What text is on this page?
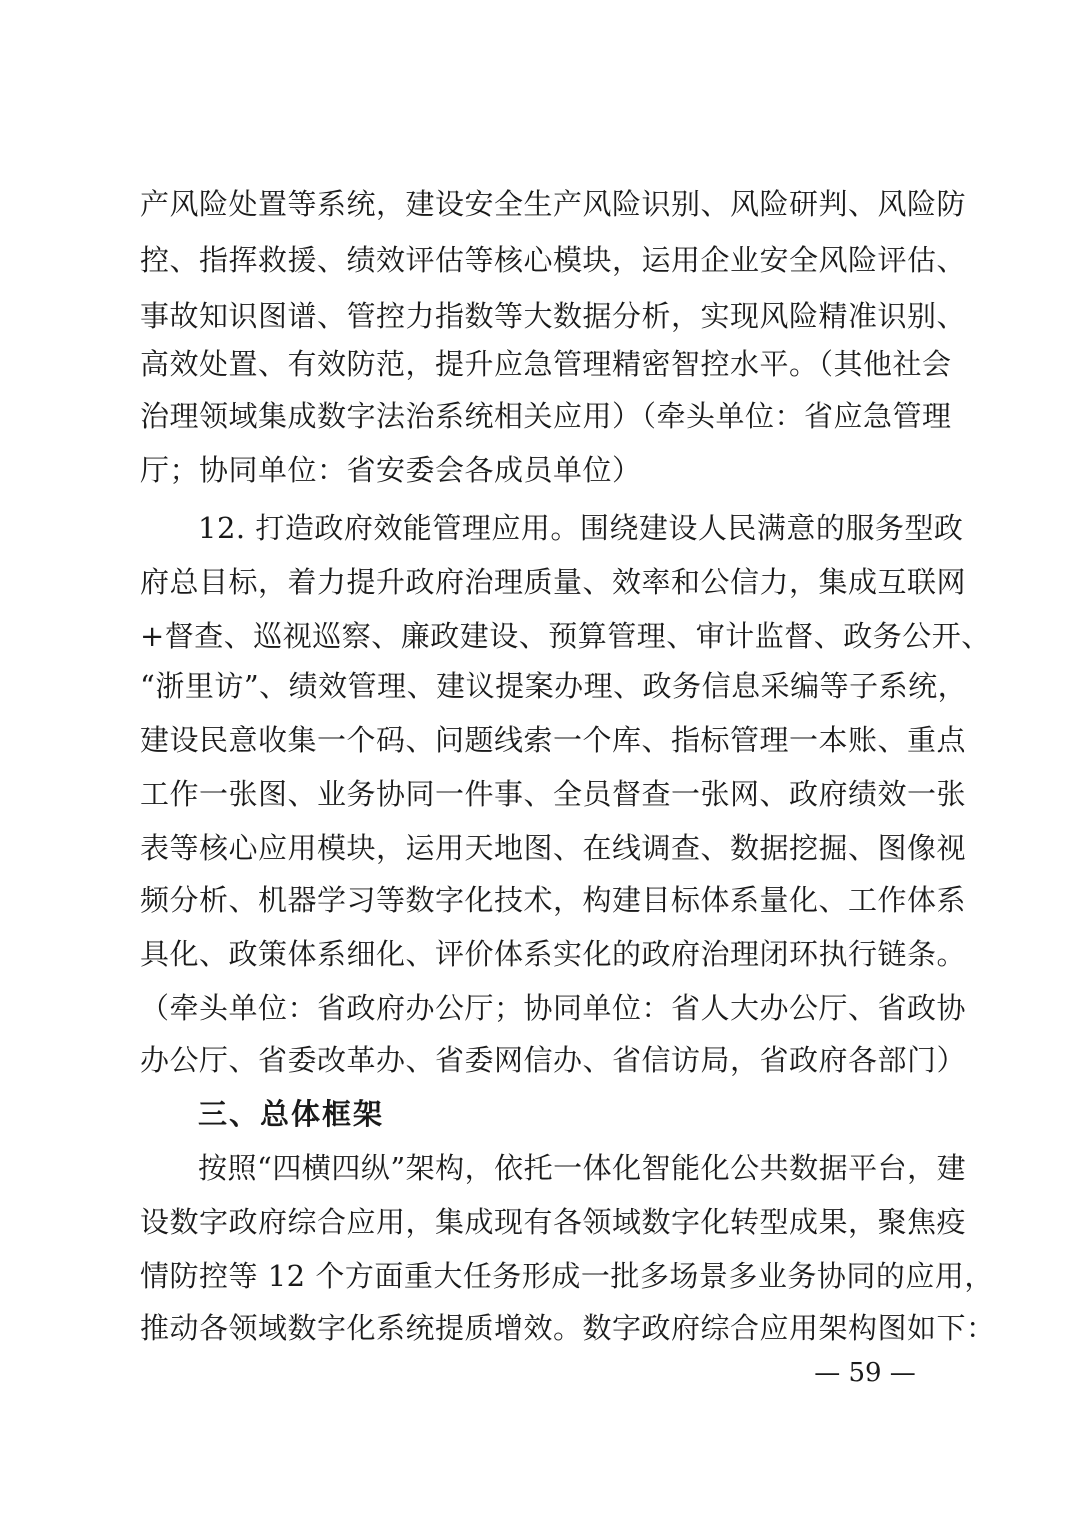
产风险处置等系统，建设安全生产风险识别、风险研判、风险防
控、指挥救援、绩效评估等核心模块，运用企业安全风险评估、
事故知识图谱、管控力指数等大数据分析，实现风险精准识别、
高效处置、有效防范，提升应急管理精密智控水平。（其他社会
治理领域集成数字法治系统相关应用）（牵头单位：省应急管理
厅；协同单位：省安委会各成员单位）
12. 打造政府效能管理应用。围绕建设人民满意的服务型政
府总目标，着力提升政府治理质量、效率和公信力，集成互联网
+督查、巡视巡察、廉政建设、预算管理、审计监督、政务公开、
“浙里访”、绩效管理、建议提案办理、政务信息采编等子系统，
建设民意收集一个码、问题线索一个库、指标管理一本账、重点
工作一张图、业务协同一件事、全员督查一张网、政府绩效一张
表等核心应用模块，运用天地图、在线调查、数据挖掘、图像视
频分析、机器学习等数字化技术，构建目标体系量化、工作体系
具化、政策体系细化、评价体系实化的政府治理闭环执行链条。
（牵头单位：省政府办公厅；协同单位：省人大办公厅、省政协
办公厅、省委改革办、省委网信办、省信访局，省政府各部门）
三、总体框架
按照“四横四纵”架构，依托一体化智能化公共数据平台，建
设数字政府综合应用，集成现有各领域数字化转型成果，聚焦疫
情防控等 12 个方面重大任务形成一批多场景多业务协同的应用，
推动各领域数字化系统提质增效。数字政府综合应用架构图如下：
— 59 —
